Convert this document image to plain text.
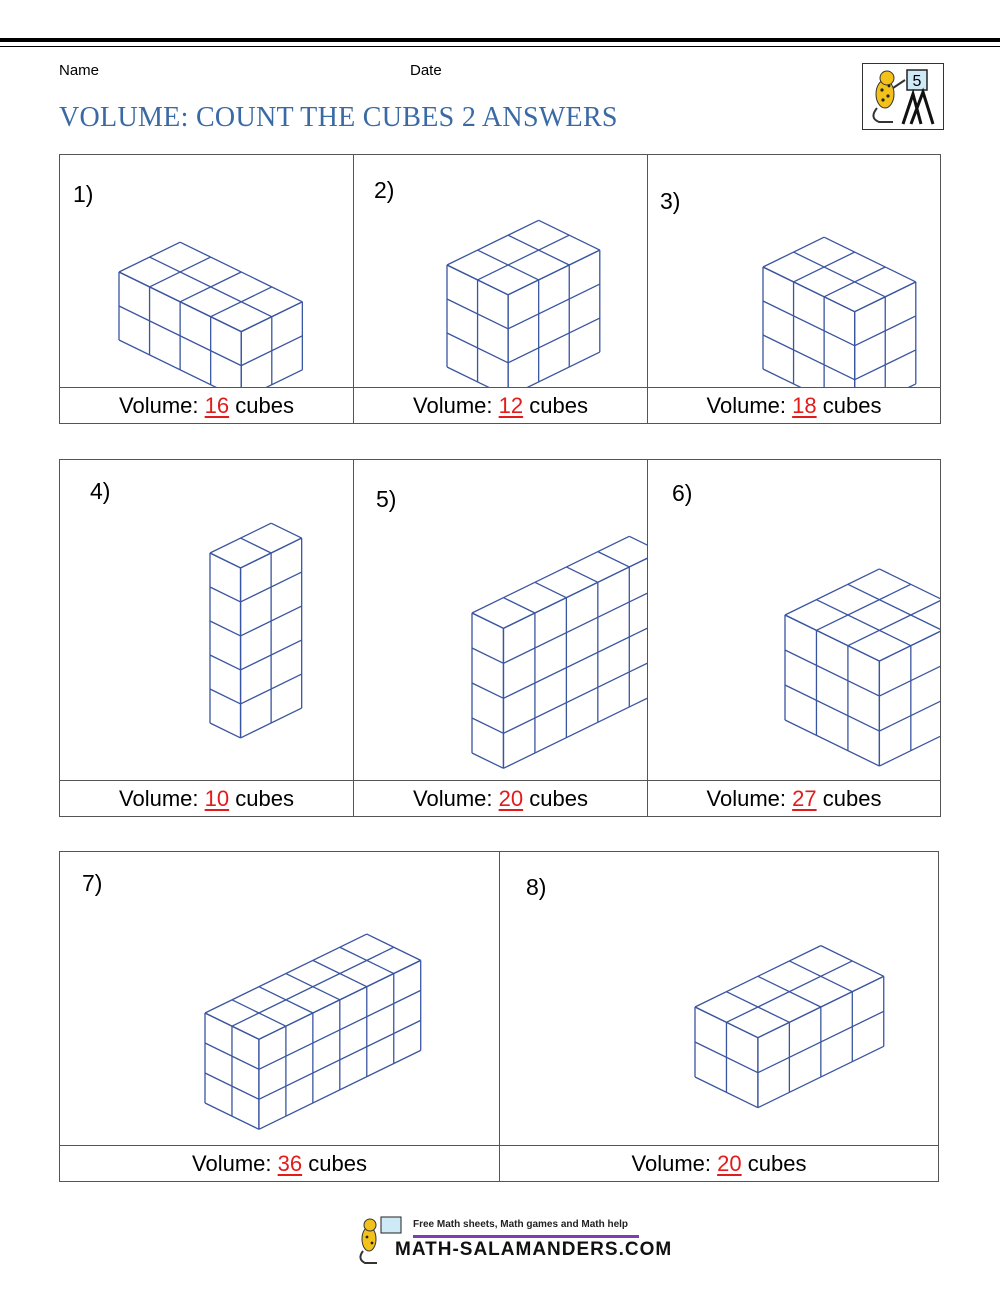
Name	Date
VOLUME: COUNT THE CUBES 2 ANSWERS
5
1)
Volume: 16 cubes
2)
Volume: 12 cubes
3)
Volume: 18 cubes
4)
Volume: 10 cubes
5)
Volume: 20 cubes
6)
Volume: 27 cubes
7)
Volume: 36 cubes
8)
Volume: 20 cubes
Free Math sheets, Math games and Math help
MATH-SALAMANDERS.COM
